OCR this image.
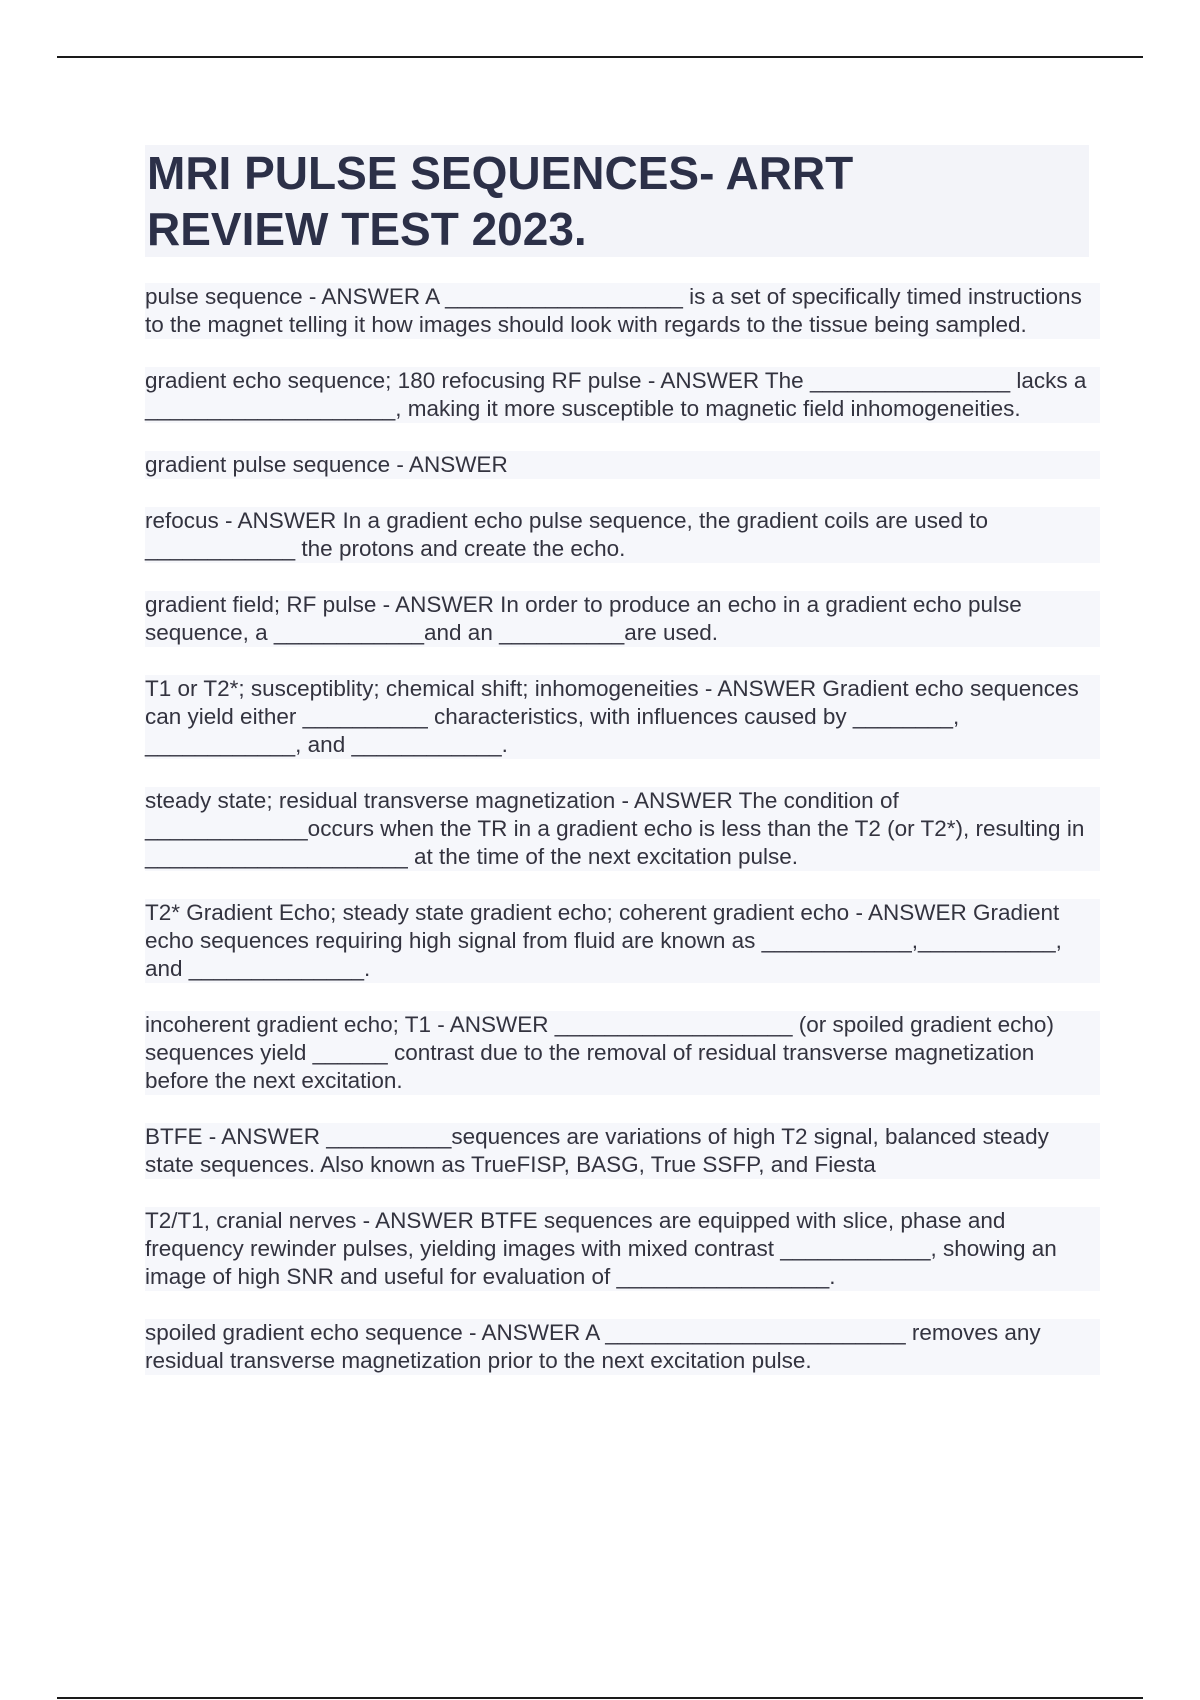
MRI PULSE SEQUENCES- ARRT
REVIEW TEST 2023.

pulse sequence - ANSWER A ___________________ is a set of specifically timed instructions to the magnet telling it how images should look with regards to the tissue being sampled.

gradient echo sequence; 180 refocusing RF pulse - ANSWER The ________________ lacks a ____________________, making it more susceptible to magnetic field inhomogeneities.

gradient pulse sequence - ANSWER

refocus - ANSWER In a gradient echo pulse sequence, the gradient coils are used to ____________ the protons and create the echo.

gradient field; RF pulse - ANSWER In order to produce an echo in a gradient echo pulse sequence, a ____________and an __________are used.

T1 or T2*; susceptiblity; chemical shift; inhomogeneities - ANSWER Gradient echo sequences can yield either __________ characteristics, with influences caused by ________, ____________, and ____________.

steady state; residual transverse magnetization - ANSWER The condition of _____________occurs when the TR in a gradient echo is less than the T2 (or T2*), resulting in _____________________ at the time of the next excitation pulse.

T2* Gradient Echo; steady state gradient echo; coherent gradient echo - ANSWER Gradient echo sequences requiring high signal from fluid are known as ____________,___________, and ______________.

incoherent gradient echo; T1 - ANSWER ___________________ (or spoiled gradient echo) sequences yield ______ contrast due to the removal of residual transverse magnetization before the next excitation.

BTFE - ANSWER __________sequences are variations of high T2 signal, balanced steady state sequences. Also known as TrueFISP, BASG, True SSFP, and Fiesta

T2/T1, cranial nerves - ANSWER BTFE sequences are equipped with slice, phase and frequency rewinder pulses, yielding images with mixed contrast ____________, showing an image of high SNR and useful for evaluation of _________________.

spoiled gradient echo sequence - ANSWER A ________________________ removes any residual transverse magnetization prior to the next excitation pulse.
